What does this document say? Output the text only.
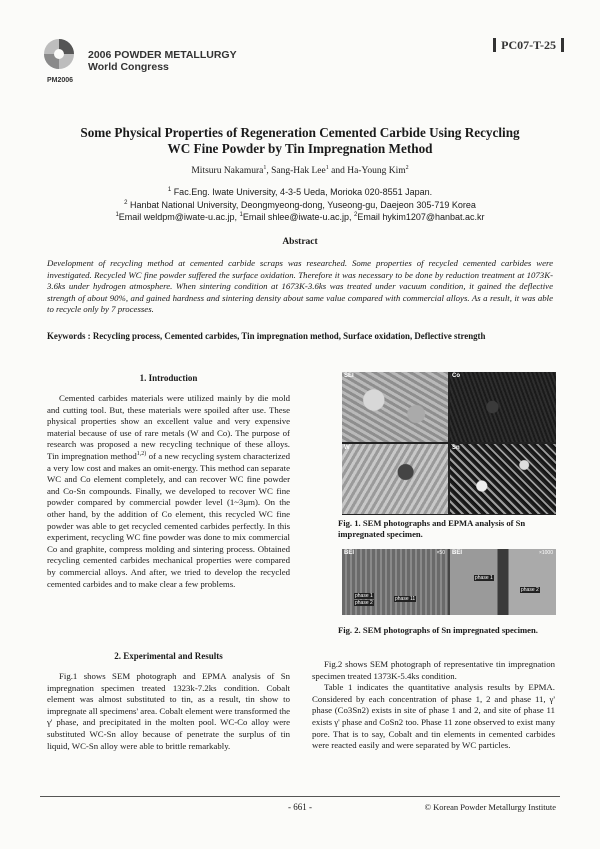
PM2006
2006 POWDER METALLURGY
World Congress
PC07-T-25
Some Physical Properties of Regeneration Cemented Carbide Using Recycling
WC Fine Powder by Tin Impregnation Method
Mitsuru Nakamura$^1$, Sang-Hak Lee$^1$ and Ha-Young Kim$^2$
$^1$ Fac.Eng. Iwate University, 4-3-5 Ueda, Morioka 020-8551 Japan.
$^2$ Hanbat National University, Deongmyeong-dong, Yuseong-gu, Daejeon 305-719 Korea
$^1$Email weldpm@iwate-u.ac.jp, $^1$Email shlee@iwate-u.ac.jp, $^2$Email hykim1207@hanbat.ac.kr
Abstract
Development of recycling method at cemented carbide scraps was researched. Some properties of recycled cemented carbides were investigated. Recycled WC fine powder suffered the surface oxidation. Therefore it was necessary to be done by reduction treatment at 1073K-3.6ks under hydrogen atmosphere. When sintering condition at 1673K-3.6ks was treated under vacuum condition, it gained the deflective strength of about 90%, and gained hardness and sintering density about same value compared with commercial alloys. As a result, it was able to recycle only by 7 processes.
Keywords : Recycling process, Cemented carbides, Tin impregnation method, Surface oxidation, Deflective strength
1. Introduction

Cemented carbides materials were utilized mainly by die mold and cutting tool. But, these materials were spoiled after use. These physical properties show an excellent value and very expensive material because of use of rare metals (W and Co). The purpose of research was proposed a new recycling technique of these alloys. Tin impregnation method$^{1,2)}$ of a new recycling system characterized a very low cost and makes an omit-energy. This method can separate WC and Co element completely, and can recover WC fine powder and Co-Sn compounds. Finally, we developed to recover WC fine powder compared by commercial powder level (1~3μm). On the other hand, by the addition of Co element, this recycled WC fine powder was able to get recycled cemented carbides perfectly. In this experiment, recycling WC fine powder was done to mix commercial Co and graphite, compress molding and sintering process. Obtained recycling cemented carbides mechanical properties were compared by commercial alloys. And after, we tried to develop the recycled cemented carbides and to make clear a few problems.

2. Experimental and Results

Fig.1 shows SEM photograph and EPMA analysis of Sn impregnation specimen treated 1323k-7.2ks condition. Cobalt element was almost substituted to tin, as a result, tin show to impregnate all specimens' area. Cobalt element were transformed the γ' phase, and precipitated in the molten pool. WC-Co alloy were substituted WC-Sn alloy because of penetrate the surplus of tin liquid, WC-Sn alloy were able to brittle remarkably.

SEI	Co
W	Sn
Fig. 1. SEM photographs and EPMA analysis of Sn impregnated specimen.
BEI	×50
phase 1
phase 2
phase 11
BEI	×1000
phase 1
phase 2
Fig. 2. SEM photographs of Sn impregnated specimen.

Fig.2 shows SEM photograph of representative tin impregnation specimen treated 1373K-5.4ks condition.

Table 1 indicates the quantitative analysis results by EPMA. Considered by each concentration of phase 1, 2 and phase 11, γ' phase (Co3Sn2) exists in site of phase 1 and 2, and site of phase 11 exists γ' phase and CoSn2 too. Phase 11 zone observed to exist many pore. That is to say, Cobalt and tin elements in cemented carbides were reacted easily and were separated by WC particles.

- 661 -	© Korean Powder Metallurgy Institute
